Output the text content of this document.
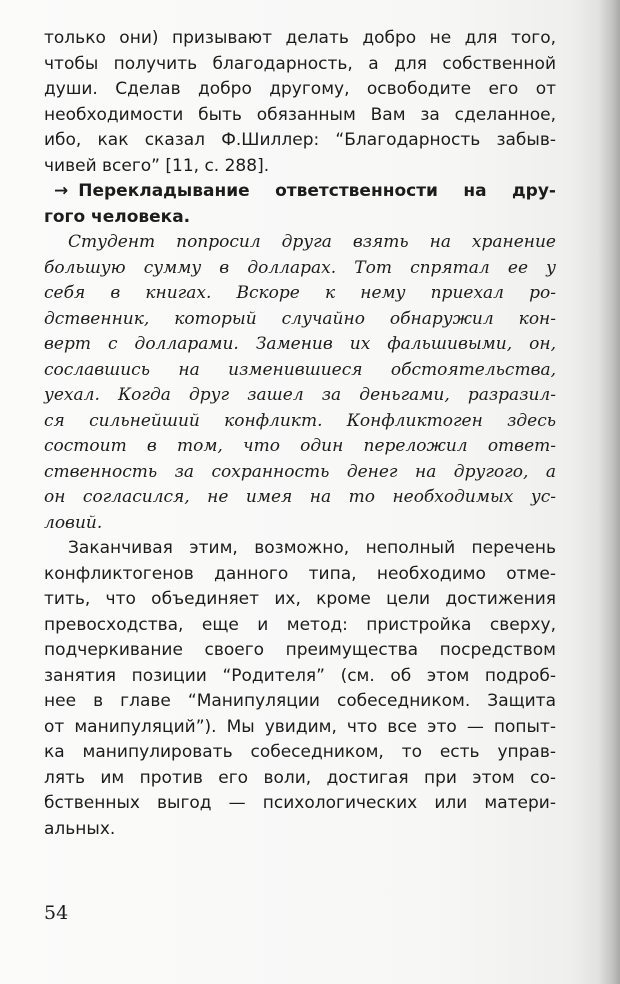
только они) призывают делать добро не для того,
чтобы получить благодарность, а для собственной
души. Сделав добро другому, освободите его от
необходимости быть обязанным Вам за сделанное,
ибо, как сказал Ф.Шиллер: “Благодарность забыв-
чивей всего” [11, с. 288].

→ Перекладывание ответственности на дру-
гого человека.

Студент попросил друга взять на хранение
большую сумму в долларах. Тот спрятал ее у
себя в книгах. Вскоре к нему приехал ро-
дственник, который случайно обнаружил кон-
верт с долларами. Заменив их фальшивыми, он,
сославшись на изменившиеся обстоятельства,
уехал. Когда друг зашел за деньгами, разразил-
ся сильнейший конфликт. Конфликтоген здесь
состоит в том, что один переложил ответ-
ственность за сохранность денег на другого, а
он согласился, не имея на то необходимых ус-
ловий.

Заканчивая этим, возможно, неполный перечень
конфликтогенов данного типа, необходимо отме-
тить, что объединяет их, кроме цели достижения
превосходства, еще и метод: пристройка сверху,
подчеркивание своего преимущества посредством
занятия позиции “Родителя” (см. об этом подроб-
нее в главе “Манипуляции собеседником. Защита
от манипуляций”). Мы увидим, что все это — попыт-
ка манипулировать собеседником, то есть управ-
лять им против его воли, достигая при этом со-
бственных выгод — психологических или матери-
альных.

54
